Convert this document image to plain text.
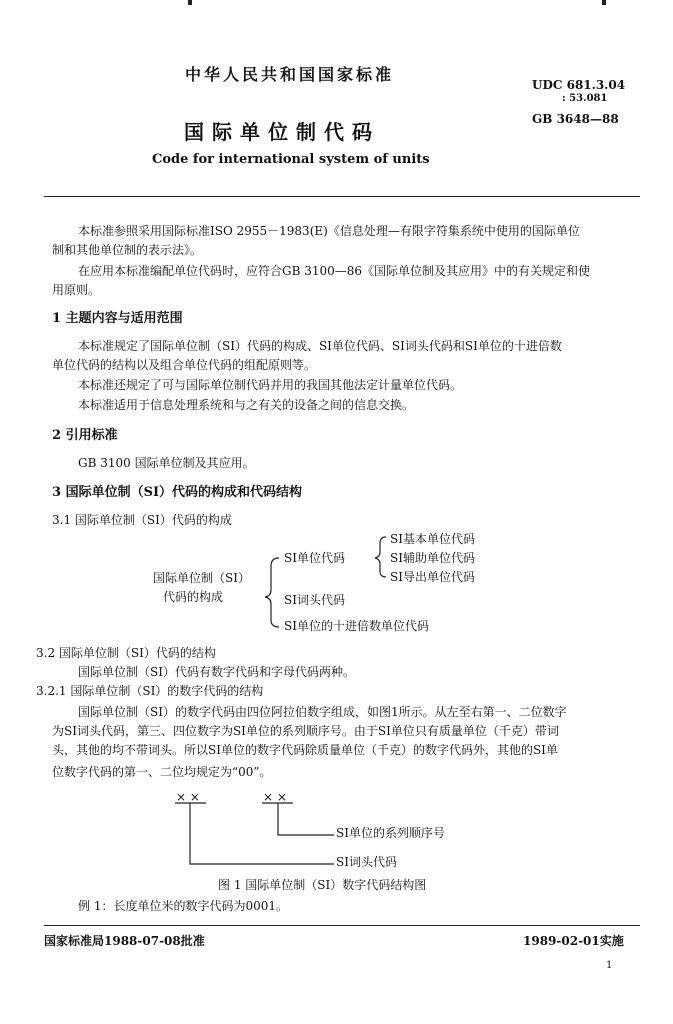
中华人民共和国国家标准
UDC 681.3.04
: 53.081
GB 3648—88
国际单位制代码
Code for international system of units
本标准参照采用国际标准ISO 2955－1983(E)《信息处理—有限字符集系统中使用的国际单位
制和其他单位制的表示法》。
在应用本标准编配单位代码时，应符合GB 3100—86《国际单位制及其应用》中的有关规定和使
用原则。
1 主题内容与适用范围
本标准规定了国际单位制（SI）代码的构成、SI单位代码、SI词头代码和SI单位的十进倍数
单位代码的结构以及组合单位代码的组配原则等。
本标准还规定了可与国际单位制代码并用的我国其他法定计量单位代码。
本标准适用于信息处理系统和与之有关的设备之间的信息交换。
2 引用标准
GB 3100 国际单位制及其应用。
3 国际单位制（SI）代码的构成和代码结构
3.1 国际单位制（SI）代码的构成
SI基本单位代码
SI单位代码	SI辅助单位代码
SI导出单位代码
国际单位制（SI）
代码的构成	SI词头代码
SI单位的十进倍数单位代码
3.2 国际单位制（SI）代码的结构
国际单位制（SI）代码有数字代码和字母代码两种。
3.2.1 国际单位制（SI）的数字代码的结构
国际单位制（SI）的数字代码由四位阿拉伯数字组成，如图1所示。从左至右第一、二位数字
为SI词头代码，第三、四位数字为SI单位的系列顺序号。由于SI单位只有质量单位（千克）带词
头，其他的均不带词头。所以SI单位的数字代码除质量单位（千克）的数字代码外，其他的SI单
位数字代码的第一、二位均规定为“00”。
× ×	× ×
SI单位的系列顺序号
SI词头代码
图 1 国际单位制（SI）数字代码结构图
例 1：长度单位米的数字代码为0001。
国家标准局1988-07-08批准	1989-02-01实施
1
